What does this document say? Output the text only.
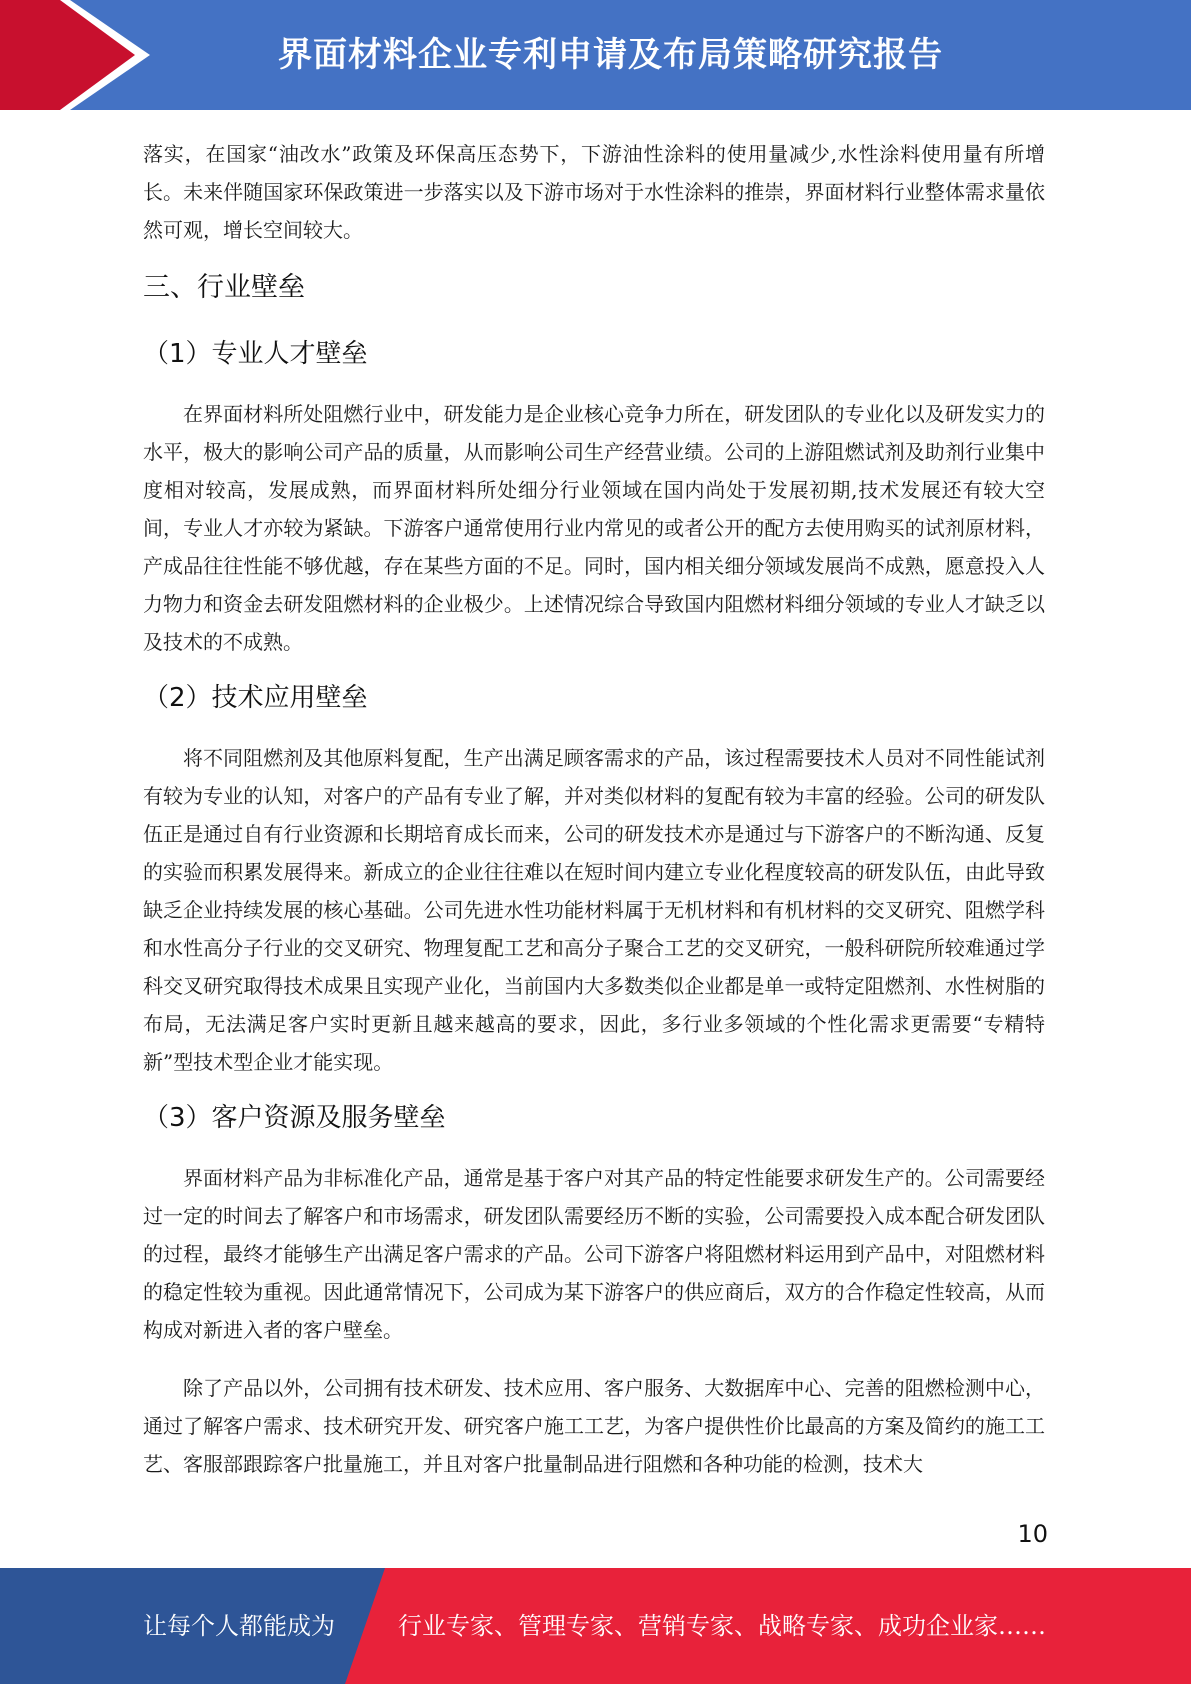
界面材料企业专利申请及布局策略研究报告

落实，在国家“油改水”政策及环保高压态势下，下游油性涂料的使用量减少,水性涂料使用量有所增长。未来伴随国家环保政策进一步落实以及下游市场对于水性涂料的推崇，界面材料行业整体需求量依然可观，增长空间较大。

三、行业壁垒
（1）专业人才壁垒

在界面材料所处阻燃行业中，研发能力是企业核心竞争力所在，研发团队的专业化以及研发实力的水平，极大的影响公司产品的质量，从而影响公司生产经营业绩。公司的上游阻燃试剂及助剂行业集中度相对较高，发展成熟，而界面材料所处细分行业领域在国内尚处于发展初期,技术发展还有较大空间，专业人才亦较为紧缺。下游客户通常使用行业内常见的或者公开的配方去使用购买的试剂原材料，产成品往往性能不够优越，存在某些方面的不足。同时，国内相关细分领域发展尚不成熟，愿意投入人力物力和资金去研发阻燃材料的企业极少。上述情况综合导致国内阻燃材料细分领域的专业人才缺乏以及技术的不成熟。

（2）技术应用壁垒

将不同阻燃剂及其他原料复配，生产出满足顾客需求的产品，该过程需要技术人员对不同性能试剂有较为专业的认知，对客户的产品有专业了解，并对类似材料的复配有较为丰富的经验。公司的研发队伍正是通过自有行业资源和长期培育成长而来，公司的研发技术亦是通过与下游客户的不断沟通、反复的实验而积累发展得来。新成立的企业往往难以在短时间内建立专业化程度较高的研发队伍，由此导致缺乏企业持续发展的核心基础。公司先进水性功能材料属于无机材料和有机材料的交叉研究、阻燃学科和水性高分子行业的交叉研究、物理复配工艺和高分子聚合工艺的交叉研究，一般科研院所较难通过学科交叉研究取得技术成果且实现产业化，当前国内大多数类似企业都是单一或特定阻燃剂、水性树脂的布局，无法满足客户实时更新且越来越高的要求，因此，多行业多领域的个性化需求更需要“专精特新”型技术型企业才能实现。

（3）客户资源及服务壁垒

界面材料产品为非标准化产品，通常是基于客户对其产品的特定性能要求研发生产的。公司需要经过一定的时间去了解客户和市场需求，研发团队需要经历不断的实验，公司需要投入成本配合研发团队的过程，最终才能够生产出满足客户需求的产品。公司下游客户将阻燃材料运用到产品中，对阻燃材料的稳定性较为重视。因此通常情况下，公司成为某下游客户的供应商后，双方的合作稳定性较高，从而构成对新进入者的客户壁垒。

除了产品以外，公司拥有技术研发、技术应用、客户服务、大数据库中心、完善的阻燃检测中心，通过了解客户需求、技术研究开发、研究客户施工工艺，为客户提供性价比最高的方案及简约的施工工艺、客服部跟踪客户批量施工，并且对客户批量制品进行阻燃和各种功能的检测，技术大

10
让每个人都能成为	行业专家、管理专家、营销专家、战略专家、成功企业家……
